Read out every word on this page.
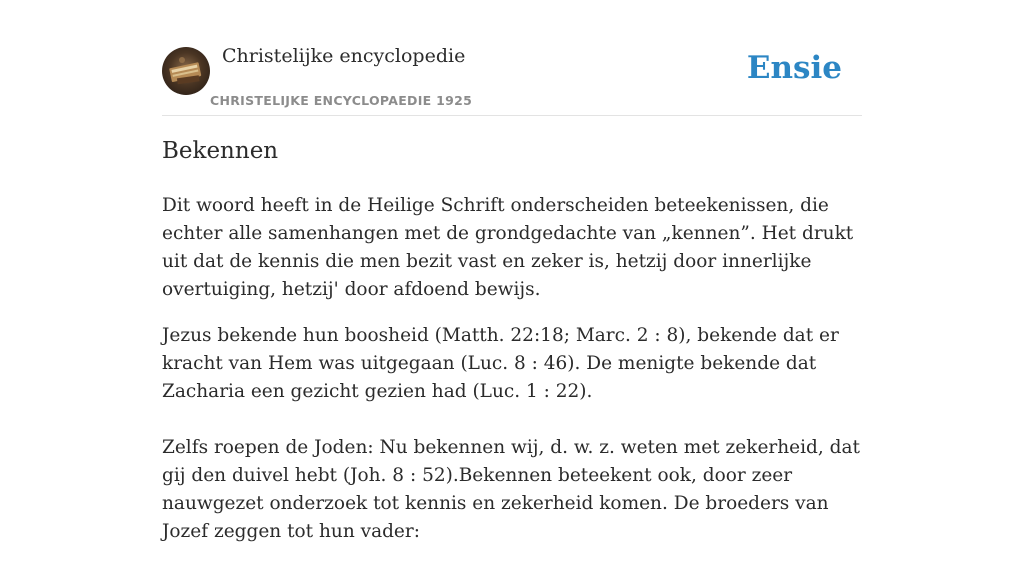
Christelijke encyclopedie
CHRISTELIJKE ENCYCLOPAEDIE 1925
Ensie
Bekennen

Dit woord heeft in de Heilige Schrift onderscheiden beteekenissen, die echter alle samenhangen met de grondgedachte van „kennen”. Het drukt uit dat de kennis die men bezit vast en zeker is, hetzij door innerlijke overtuiging, hetzij' door afdoend bewijs.

Jezus bekende hun boosheid (Matth. 22:18; Marc. 2 : 8), bekende dat er kracht van Hem was uitgegaan (Luc. 8 : 46). De menigte bekende dat Zacharia een gezicht gezien had (Luc. 1 : 22).

Zelfs roepen de Joden: Nu bekennen wij, d. w. z. weten met zekerheid, dat gij den duivel hebt (Joh. 8 : 52).Bekennen beteekent ook, door zeer nauwgezet onderzoek tot kennis en zekerheid komen. De broeders van Jozef zeggen tot hun vader:
